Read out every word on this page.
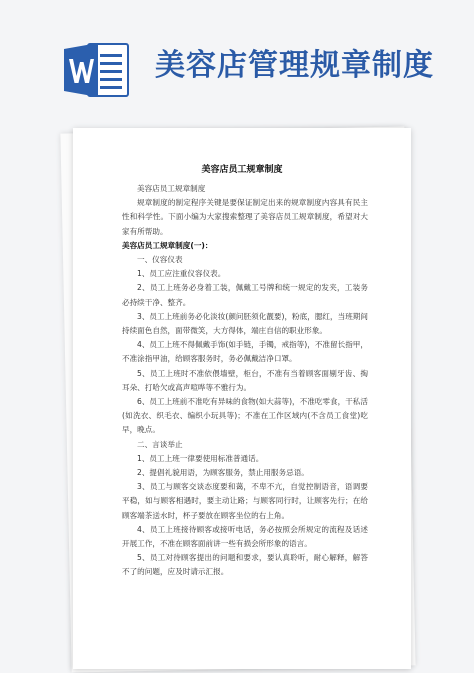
美容店管理规章制度
美容店员工规章制度

美容店员工规章制度

规章制度的制定程序关键是要保证制定出来的规章制度内容具有民主性和科学性。下面小编为大家搜索整理了美容店员工规章制度，希望对大家有所帮助。

美容店员工规章制度(一)：

一、仪容仪表

1、员工应注重仪容仪表。

2、员工上班务必身着工装，佩戴工号牌和统一规定的发夹，工装务必持续干净、整齐。

3、员工上班前务必化淡妆(颜问胚须化靓要)，粉底，腮红，当班期间持续面色自然，面带微笑，大方得体，端庄自信的职业形象。

4、员工上班不得佩戴手饰(如手链，手镯，戒指等)，不准留长指甲，不准涂指甲油，给顾客服务时，务必佩戴洁净口罩。

5、员工上班时不准依偎墙壁，柜台，不准有当着顾客面剔牙齿、掏耳朵、打哈欠或高声喧哗等不雅行为。

6、员工上班前不准吃有异味的食物(如大蒜等)，不准吃零食，干私活(如洗衣、织毛衣、编织小玩具等)；不准在工作区域内(不含员工食堂)吃早，晚点。

二、言谈举止

1、员工上班一律要使用标准普通话。

2、提倡礼貌用语，为顾客服务，禁止用服务忌语。

3、员工与顾客交谈态度要和蔼，不卑不亢，自觉控制语音，语调要平稳，如与顾客相遇时，要主动让路；与顾客同行时，让顾客先行；在给顾客端茶送水时，杯子要放在顾客坐位的右上角。

4、员工上班接待顾客或接听电话，务必按照会所规定的流程及话述开展工作，不准在顾客面前讲一些有损会所形象的语言。

5、员工对待顾客提出的问题和要求，要认真聆听，耐心解释，解答不了的问题，应及时请示汇报。
